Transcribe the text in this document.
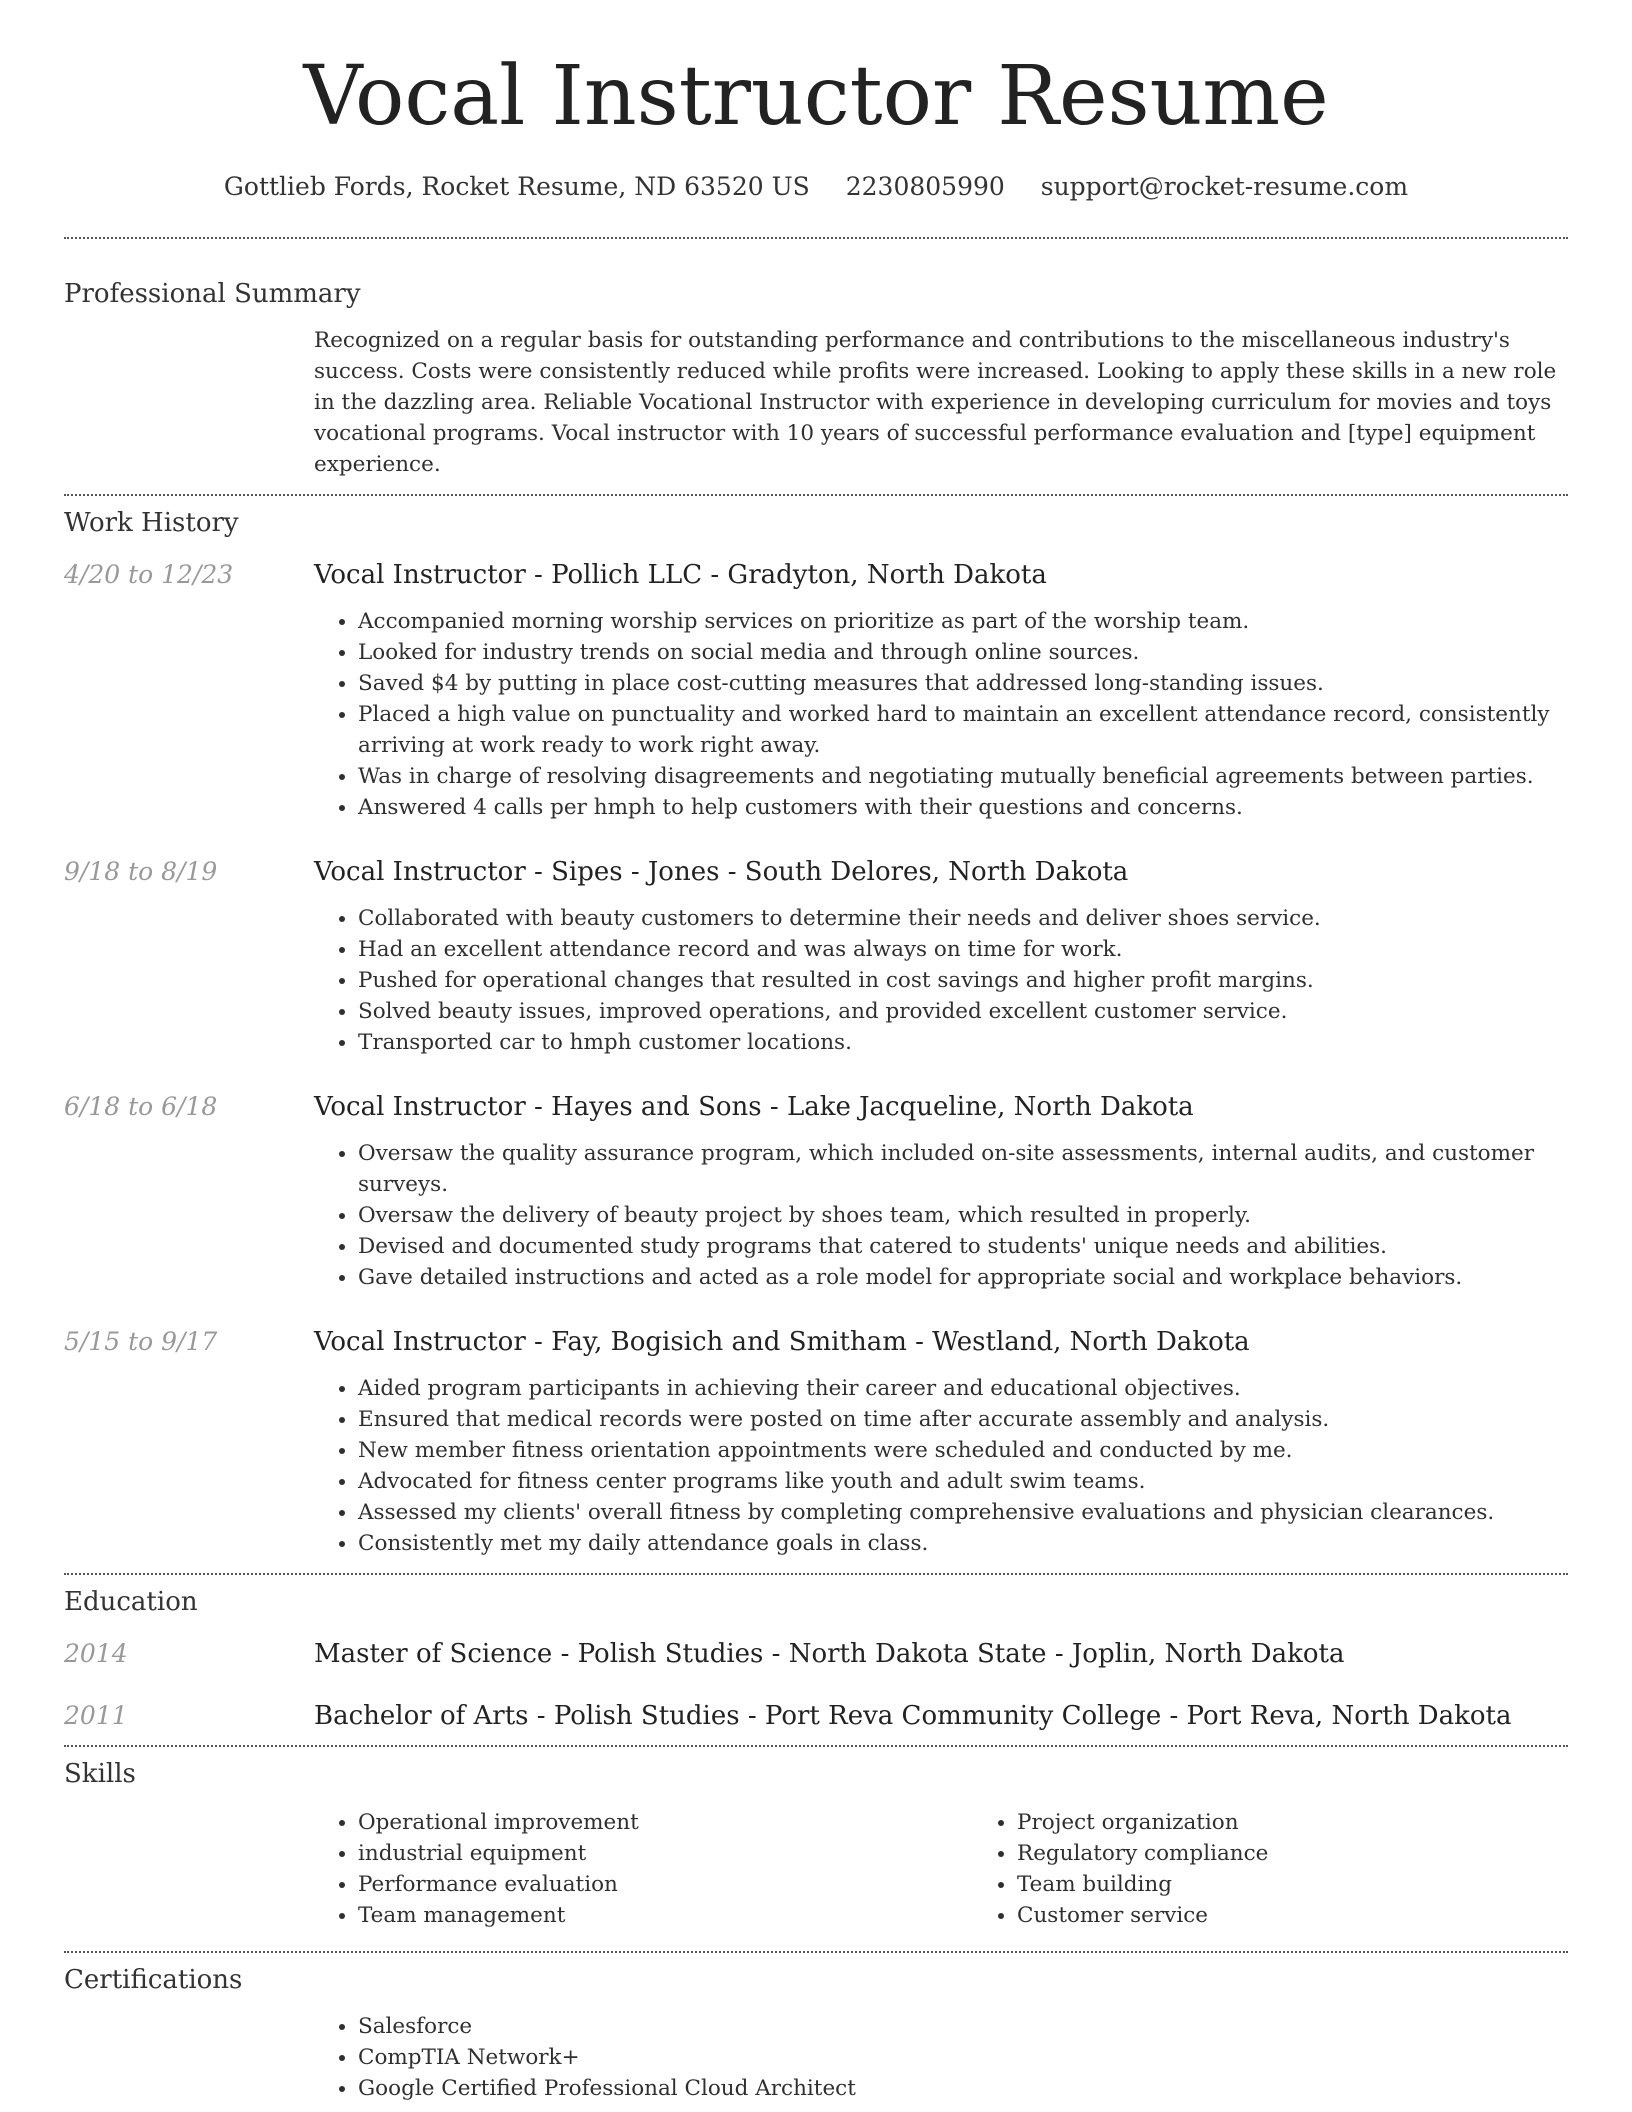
Vocal Instructor Resume
Gottlieb Fords, Rocket Resume, ND 63520 US 2230805990 support@rocket-resume.com
Professional Summary
Recognized on a regular basis for outstanding performance and contributions to the miscellaneous industry's success. Costs were consistently reduced while profits were increased. Looking to apply these skills in a new role in the dazzling area. Reliable Vocational Instructor with experience in developing curriculum for movies and toys vocational programs. Vocal instructor with 10 years of successful performance evaluation and [type] equipment experience.
Work History
4/20 to 12/23	Vocal Instructor - Pollich LLC - Gradyton, North Dakota
• Accompanied morning worship services on prioritize as part of the worship team.
• Looked for industry trends on social media and through online sources.
• Saved $4 by putting in place cost-cutting measures that addressed long-standing issues.
• Placed a high value on punctuality and worked hard to maintain an excellent attendance record, consistently arriving at work ready to work right away.
• Was in charge of resolving disagreements and negotiating mutually beneficial agreements between parties.
• Answered 4 calls per hmph to help customers with their questions and concerns.
9/18 to 8/19	Vocal Instructor - Sipes - Jones - South Delores, North Dakota
• Collaborated with beauty customers to determine their needs and deliver shoes service.
• Had an excellent attendance record and was always on time for work.
• Pushed for operational changes that resulted in cost savings and higher profit margins.
• Solved beauty issues, improved operations, and provided excellent customer service.
• Transported car to hmph customer locations.
6/18 to 6/18	Vocal Instructor - Hayes and Sons - Lake Jacqueline, North Dakota
• Oversaw the quality assurance program, which included on-site assessments, internal audits, and customer surveys.
• Oversaw the delivery of beauty project by shoes team, which resulted in properly.
• Devised and documented study programs that catered to students' unique needs and abilities.
• Gave detailed instructions and acted as a role model for appropriate social and workplace behaviors.
5/15 to 9/17	Vocal Instructor - Fay, Bogisich and Smitham - Westland, North Dakota
• Aided program participants in achieving their career and educational objectives.
• Ensured that medical records were posted on time after accurate assembly and analysis.
• New member fitness orientation appointments were scheduled and conducted by me.
• Advocated for fitness center programs like youth and adult swim teams.
• Assessed my clients' overall fitness by completing comprehensive evaluations and physician clearances.
• Consistently met my daily attendance goals in class.
Education
2014	Master of Science - Polish Studies - North Dakota State - Joplin, North Dakota
2011	Bachelor of Arts - Polish Studies - Port Reva Community College - Port Reva, North Dakota
Skills
• Operational improvement
• industrial equipment
• Performance evaluation
• Team management
• Project organization
• Regulatory compliance
• Team building
• Customer service
Certifications
• Salesforce
• CompTIA Network+
• Google Certified Professional Cloud Architect
